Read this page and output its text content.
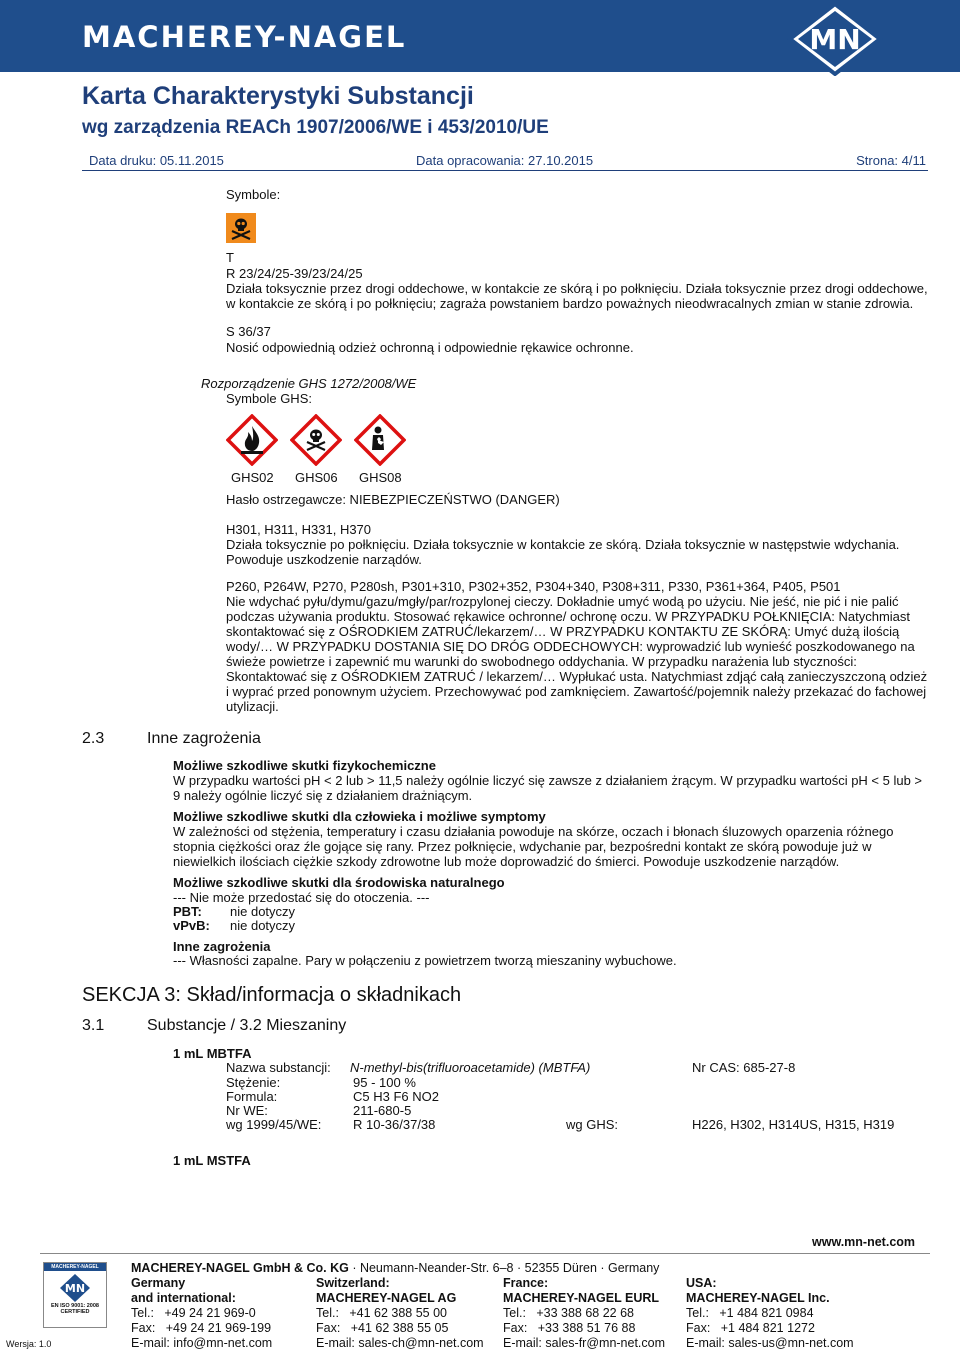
MACHEREY-NAGEL	MN
Karta Charakterystyki Substancji
wg zarządzenia REACh 1907/2006/WE i 453/2010/UE
Data druku: 05.11.2015	Data opracowania: 27.10.2015	Strona: 4/11
Symbole:
T
R 23/24/25-39/23/24/25
Działa toksycznie przez drogi oddechowe, w kontakcie ze skórą i po połknięciu. Działa toksycznie przez drogi oddechowe,
w kontakcie ze skórą i po połknięciu; zagraża powstaniem bardzo poważnych nieodwracalnych zmian w stanie zdrowia.
S 36/37
Nosić odpowiednią odzież ochronną i odpowiednie rękawice ochronne.
Rozporządzenie GHS 1272/2008/WE
Symbole GHS:
GHS02 GHS06 GHS08
Hasło ostrzegawcze: NIEBEZPIECZEŃSTWO (DANGER)
H301, H311, H331, H370
Działa toksycznie po połknięciu. Działa toksycznie w kontakcie ze skórą. Działa toksycznie w następstwie wdychania.
Powoduje uszkodzenie narządów.
P260, P264W, P270, P280sh, P301+310, P302+352, P304+340, P308+311, P330, P361+364, P405, P501
Nie wdychać pyłu/dymu/gazu/mgły/par/rozpylonej cieczy. Dokładnie umyć wodą po użyciu. Nie jeść, nie pić i nie palić
podczas używania produktu. Stosować rękawice ochronne/ ochronę oczu. W PRZYPADKU POŁKNIĘCIA: Natychmiast
skontaktować się z OŚRODKIEM ZATRUĆ/lekarzem/… W PRZYPADKU KONTAKTU ZE SKÓRĄ: Umyć dużą ilością
wody/… W PRZYPADKU DOSTANIA SIĘ DO DRÓG ODDECHOWYCH: wyprowadzić lub wynieść poszkodowanego na
świeże powietrze i zapewnić mu warunki do swobodnego oddychania. W przypadku narażenia lub styczności:
Skontaktować się z OŚRODKIEM ZATRUĆ / lekarzem/… Wypłukać usta. Natychmiast zdjąć całą zanieczyszczoną odzież
i wyprać przed ponownym użyciem. Przechowywać pod zamknięciem. Zawartość/pojemnik należy przekazać do fachowej
utylizacji.
2.3	Inne zagrożenia
Możliwe szkodliwe skutki fizykochemiczne
W przypadku wartości pH < 2 lub > 11,5 należy ogólnie liczyć się zawsze z działaniem żrącym. W przypadku wartości pH < 5 lub >
9 należy ogólnie liczyć się z działaniem drażniącym.
Możliwe szkodliwe skutki dla człowieka i możliwe symptomy
W zależności od stężenia, temperatury i czasu działania powoduje na skórze, oczach i błonach śluzowych oparzenia różnego
stopnia ciężkości oraz źle gojące się rany. Przez połknięcie, wdychanie par, bezpośredni kontakt ze skórą powoduje już w
niewielkich ilościach ciężkie szkody zdrowotne lub może doprowadzić do śmierci. Powoduje uszkodzenie narządów.
Możliwe szkodliwe skutki dla środowiska naturalnego
--- Nie może przedostać się do otoczenia. ---
PBT: nie dotyczy
vPvB: nie dotyczy
Inne zagrożenia
--- Własności zapalne. Pary w połączeniu z powietrzem tworzą mieszaniny wybuchowe.
SEKCJA 3: Skład/informacja o składnikach
3.1	Substancje / 3.2 Mieszaniny
1 mL MBTFA
Nazwa substancji: N-methyl-bis(trifluoroacetamide) (MBTFA)	Nr CAS: 685-27-8
Stężenie:	95 - 100 %
Formula:	C5 H3 F6 NO2
Nr WE:	211-680-5
wg 1999/45/WE: R 10-36/37/38	wg GHS:	H226, H302, H314US, H315, H319
1 mL MSTFA
www.mn-net.com
MACHEREY-NAGEL
MN
EN ISO 9001: 2008
CERTIFIED
Wersja: 1.0
MACHEREY-NAGEL GmbH & Co. KG · Neumann-Neander-Str. 6–8 · 52355 Düren · Germany
Germany
and international:
Tel.:   +49 24 21 969-0
Fax:   +49 24 21 969-199
E-mail: info@mn-net.com
Switzerland:
MACHEREY-NAGEL AG
Tel.:   +41 62 388 55 00
Fax:   +41 62 388 55 05
E-mail: sales-ch@mn-net.com
France:
MACHEREY-NAGEL EURL
Tel.:   +33 388 68 22 68
Fax:   +33 388 51 76 88
E-mail: sales-fr@mn-net.com
USA:
MACHEREY-NAGEL Inc.
Tel.:   +1 484 821 0984
Fax:   +1 484 821 1272
E-mail: sales-us@mn-net.com
